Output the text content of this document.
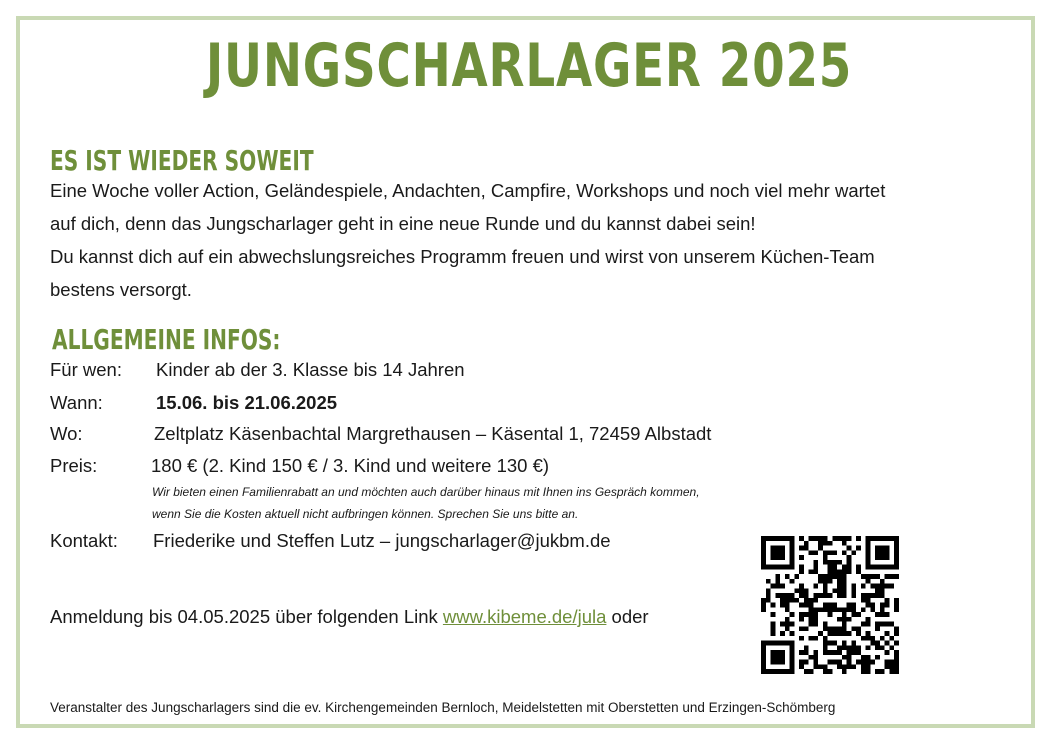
JUNGSCHARLAGER 2025
ES IST WIEDER SOWEIT

Eine Woche voller Action, Geländespiele, Andachten, Campfire, Workshops und noch viel mehr wartet

auf dich, denn das Jungscharlager geht in eine neue Runde und du kannst dabei sein!

Du kannst dich auf ein abwechslungsreiches Programm freuen und wirst von unserem Küchen-Team

bestens versorgt.

ALLGEMEINE INFOS:
Für wen: Kinder ab der 3. Klasse bis 14 Jahren
Wann:	15.06. bis 21.06.2025
Wo:	Zeltplatz Käsenbachtal Margrethausen – Käsental 1, 72459 Albstadt
Preis:	180 € (2. Kind 150 € / 3. Kind und weitere 130 €)
Wir bieten einen Familienrabatt an und möchten auch darüber hinaus mit Ihnen ins Gespräch kommen,
wenn Sie die Kosten aktuell nicht aufbringen können. Sprechen Sie uns bitte an.
Kontakt: Friederike und Steffen Lutz – jungscharlager@jukbm.de
Anmeldung bis 04.05.2025 über folgenden Link www.kibeme.de/jula oder
Veranstalter des Jungscharlagers sind die ev. Kirchengemeinden Bernloch, Meidelstetten mit Oberstetten und Erzingen-Schömberg
